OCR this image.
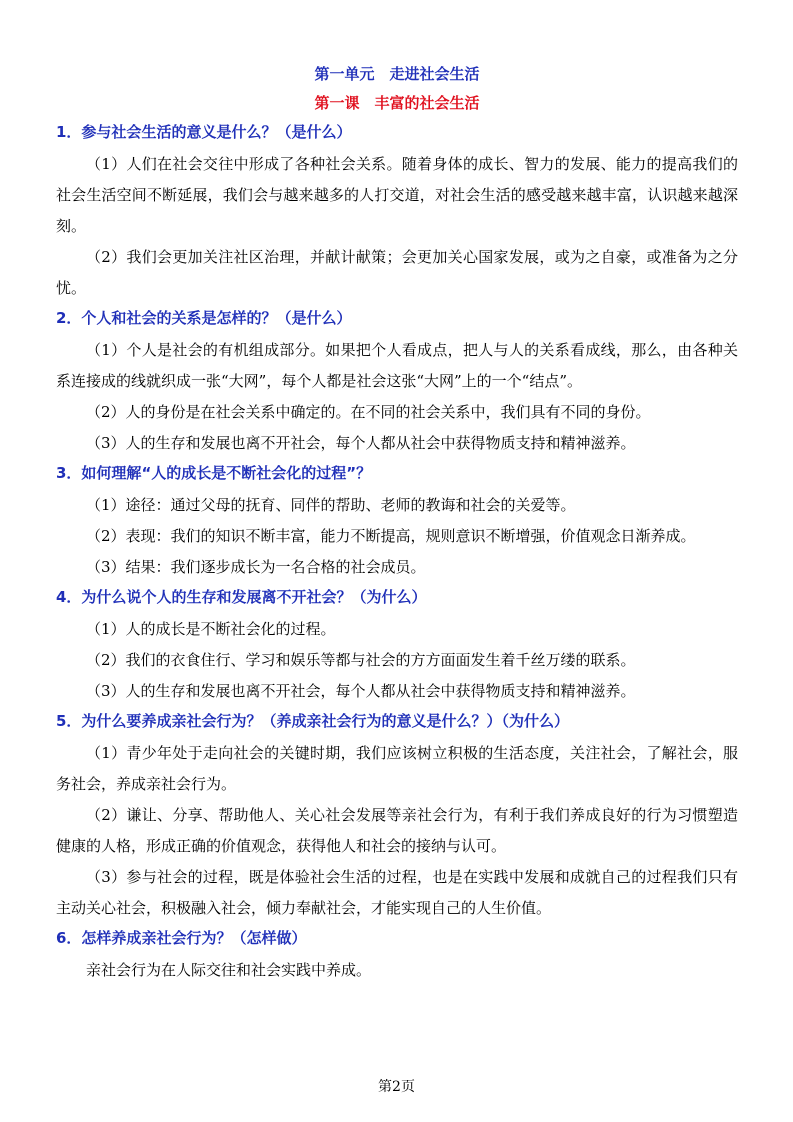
第一单元　走进社会生活
第一课　丰富的社会生活

1．参与社会生活的意义是什么？（是什么）

（1）人们在社会交往中形成了各种社会关系。随着身体的成长、智力的发展、能力的提高我们的社会生活空间不断延展，我们会与越来越多的人打交道，对社会生活的感受越来越丰富，认识越来越深刻。

（2）我们会更加关注社区治理，并献计献策；会更加关心国家发展，或为之自豪，或准备为之分忧。

2．个人和社会的关系是怎样的？（是什么）

（1）个人是社会的有机组成部分。如果把个人看成点，把人与人的关系看成线，那么，由各种关系连接成的线就织成一张“大网”，每个人都是社会这张“大网”上的一个“结点”。

（2）人的身份是在社会关系中确定的。在不同的社会关系中，我们具有不同的身份。

（3）人的生存和发展也离不开社会，每个人都从社会中获得物质支持和精神滋养。

3．如何理解“人的成长是不断社会化的过程”？

（1）途径：通过父母的抚育、同伴的帮助、老师的教诲和社会的关爱等。

（2）表现：我们的知识不断丰富，能力不断提高，规则意识不断增强，价值观念日渐养成。

（3）结果：我们逐步成长为一名合格的社会成员。

4．为什么说个人的生存和发展离不开社会？（为什么）

（1）人的成长是不断社会化的过程。

（2）我们的衣食住行、学习和娱乐等都与社会的方方面面发生着千丝万缕的联系。

（3）人的生存和发展也离不开社会，每个人都从社会中获得物质支持和精神滋养。

5．为什么要养成亲社会行为？（养成亲社会行为的意义是什么？）（为什么）

（1）青少年处于走向社会的关键时期，我们应该树立积极的生活态度，关注社会，了解社会，服务社会，养成亲社会行为。

（2）谦让、分享、帮助他人、关心社会发展等亲社会行为，有利于我们养成良好的行为习惯塑造健康的人格，形成正确的价值观念，获得他人和社会的接纳与认可。

（3）参与社会的过程，既是体验社会生活的过程，也是在实践中发展和成就自己的过程我们只有主动关心社会，积极融入社会，倾力奉献社会，才能实现自己的人生价值。

6．怎样养成亲社会行为？（怎样做）

亲社会行为在人际交往和社会实践中养成。

第2页
